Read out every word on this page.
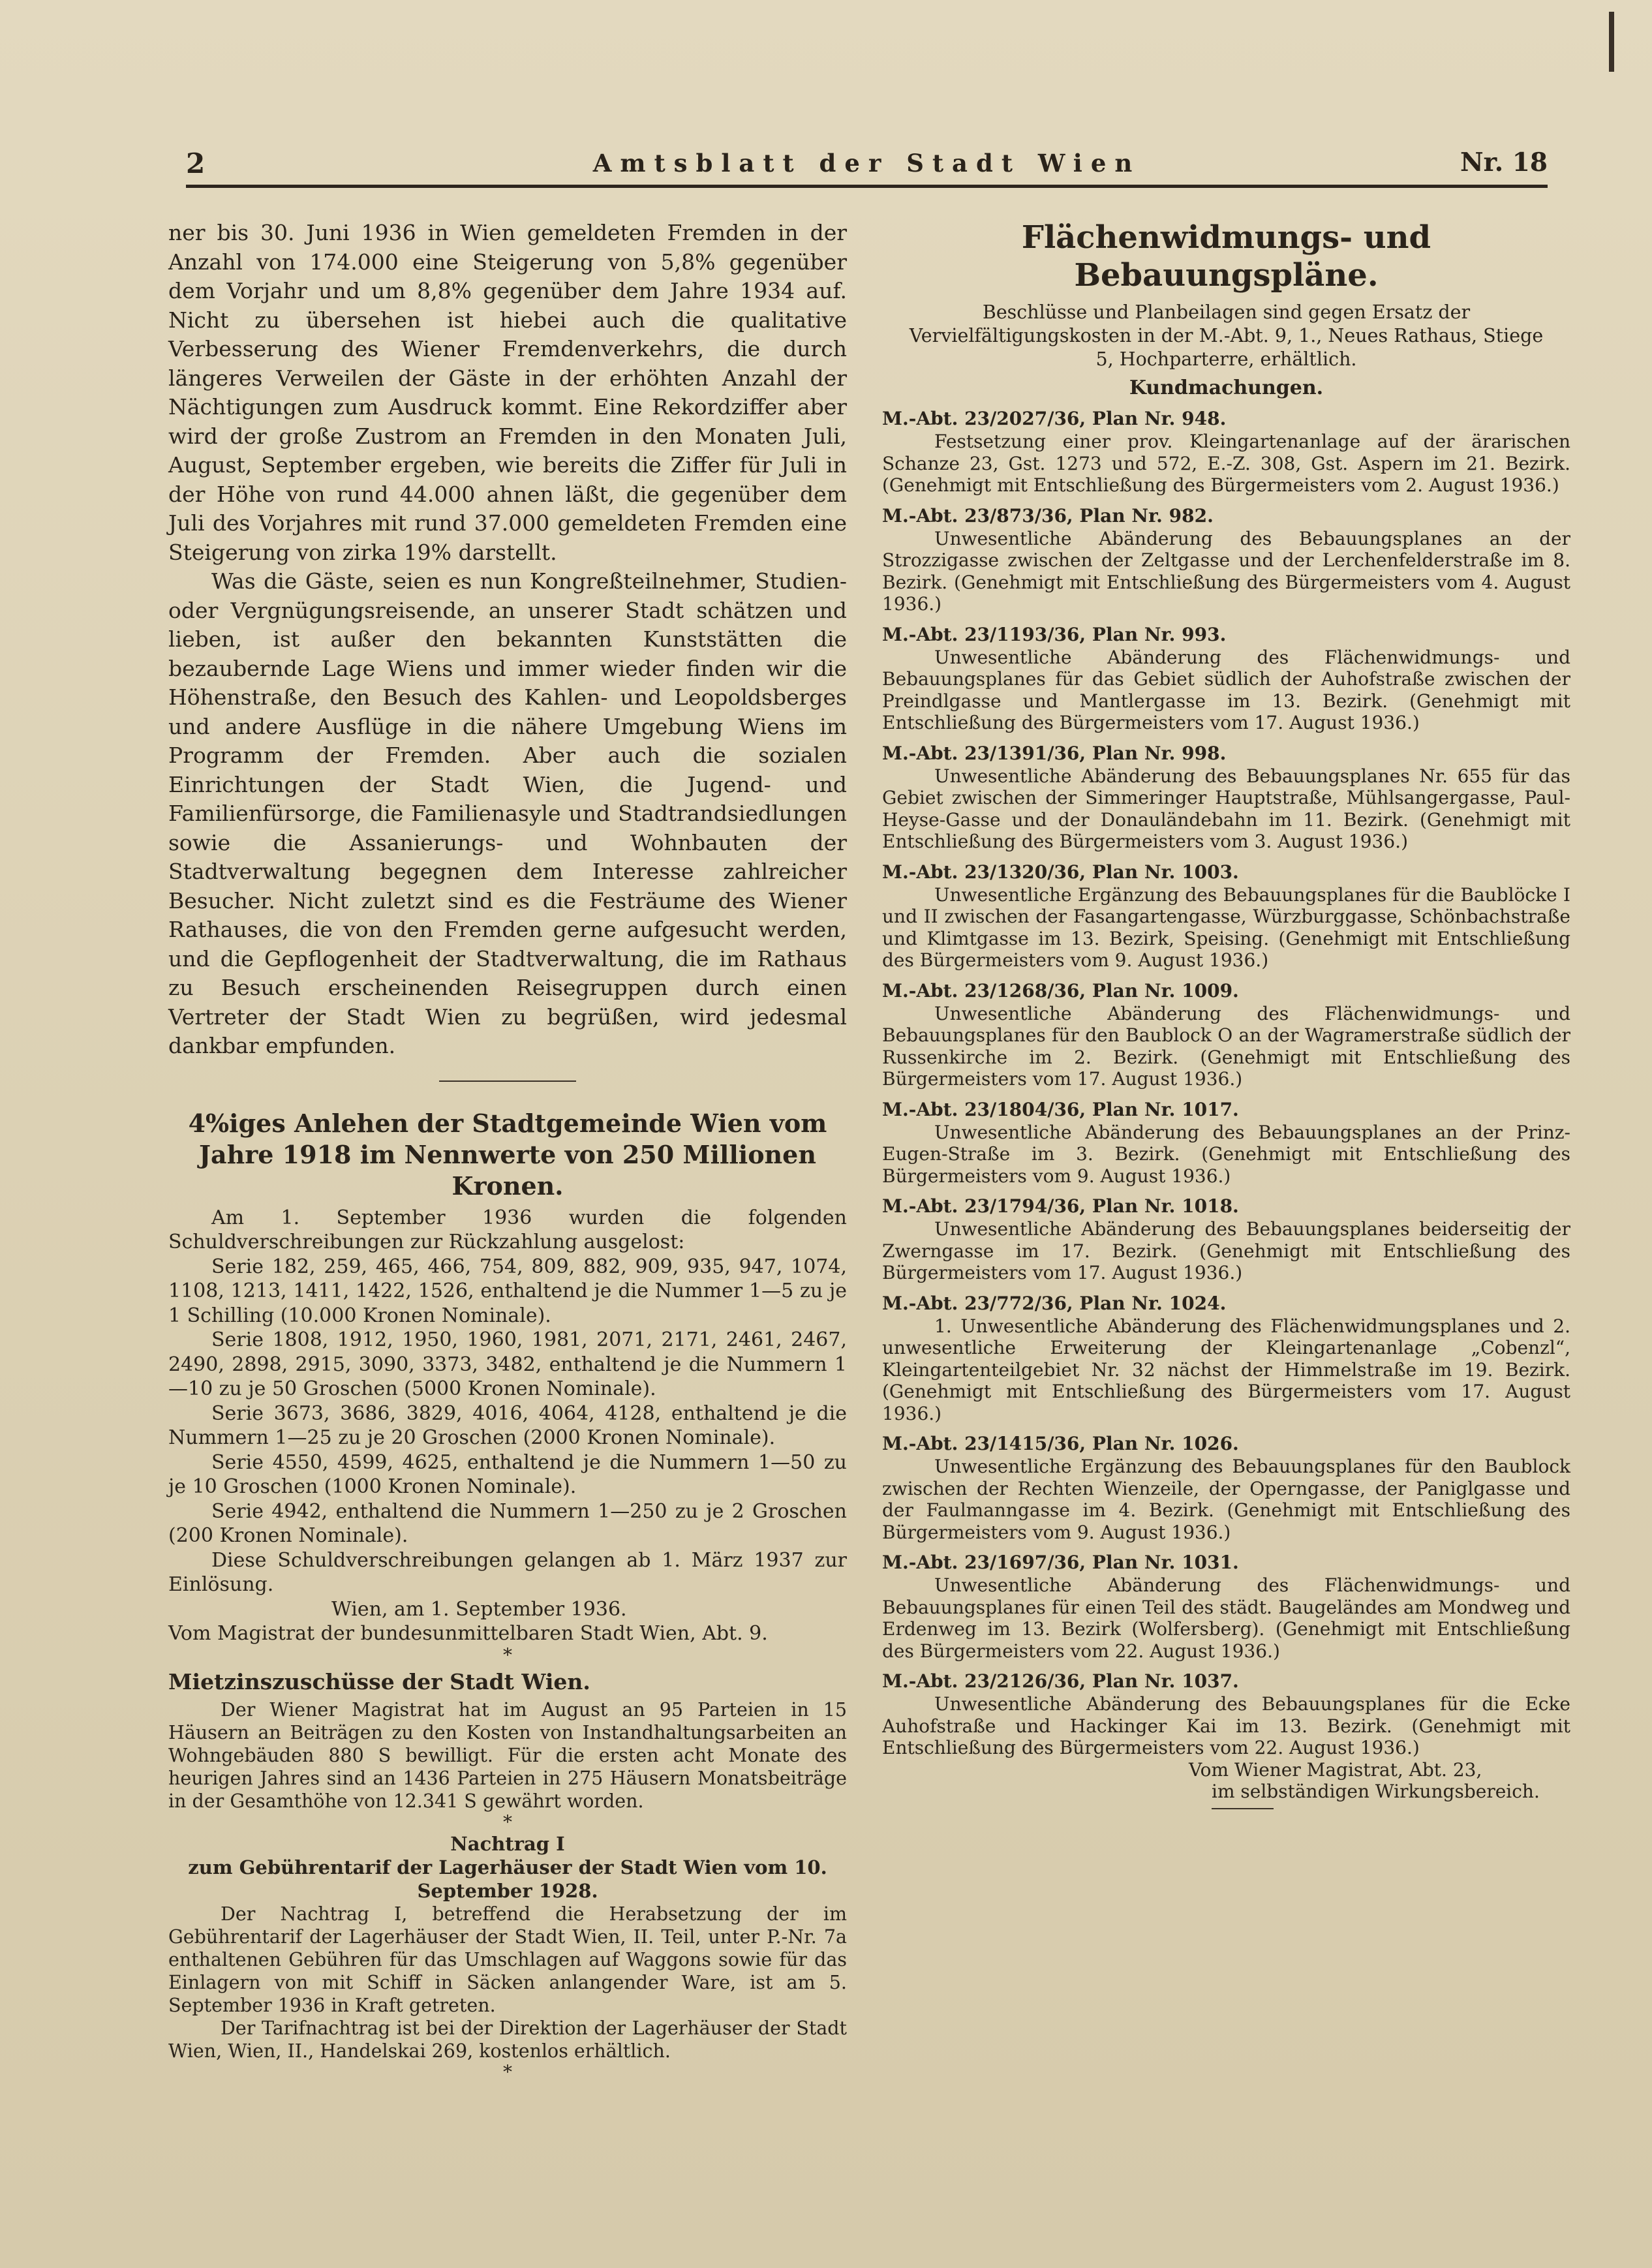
2	Amtsblatt der Stadt Wien	Nr. 18

ner bis 30. Juni 1936 in Wien gemeldeten Fremden in der Anzahl von 174.000 eine Steigerung von 5,8% gegenüber dem Vorjahr und um 8,8% gegenüber dem Jahre 1934 auf. Nicht zu übersehen ist hiebei auch die qualitative Verbesserung des Wiener Fremdenverkehrs, die durch längeres Verweilen der Gäste in der erhöhten Anzahl der Nächtigungen zum Ausdruck kommt. Eine Rekordziffer aber wird der große Zustrom an Fremden in den Monaten Juli, August, September ergeben, wie bereits die Ziffer für Juli in der Höhe von rund 44.000 ahnen läßt, die gegenüber dem Juli des Vorjahres mit rund 37.000 gemeldeten Fremden eine Steigerung von zirka 19% darstellt.

Was die Gäste, seien es nun Kongreßteilnehmer, Studien- oder Vergnügungsreisende, an unserer Stadt schätzen und lieben, ist außer den bekannten Kunststätten die bezaubernde Lage Wiens und immer wieder finden wir die Höhenstraße, den Besuch des Kahlen- und Leopoldsberges und andere Ausflüge in die nähere Umgebung Wiens im Programm der Fremden. Aber auch die sozialen Einrichtungen der Stadt Wien, die Jugend- und Familienfürsorge, die Familienasyle und Stadtrandsiedlungen sowie die Assanierungs- und Wohnbauten der Stadtverwaltung begegnen dem Interesse zahlreicher Besucher. Nicht zuletzt sind es die Festräume des Wiener Rathauses, die von den Fremden gerne aufgesucht werden, und die Gepflogenheit der Stadtverwaltung, die im Rathaus zu Besuch erscheinenden Reisegruppen durch einen Vertreter der Stadt Wien zu begrüßen, wird jedesmal dankbar empfunden.

4%iges Anlehen der Stadtgemeinde Wien vom Jahre 1918 im Nennwerte von 250 Millionen Kronen.

Am 1. September 1936 wurden die folgenden Schuldverschreibungen zur Rückzahlung ausgelost:

Serie 182, 259, 465, 466, 754, 809, 882, 909, 935, 947, 1074, 1108, 1213, 1411, 1422, 1526, enthaltend je die Nummer 1—5 zu je 1 Schilling (10.000 Kronen Nominale).

Serie 1808, 1912, 1950, 1960, 1981, 2071, 2171, 2461, 2467, 2490, 2898, 2915, 3090, 3373, 3482, enthaltend je die Nummern 1—10 zu je 50 Groschen (5000 Kronen Nominale).

Serie 3673, 3686, 3829, 4016, 4064, 4128, enthaltend je die Nummern 1—25 zu je 20 Groschen (2000 Kronen Nominale).

Serie 4550, 4599, 4625, enthaltend je die Nummern 1—50 zu je 10 Groschen (1000 Kronen Nominale).

Serie 4942, enthaltend die Nummern 1—250 zu je 2 Groschen (200 Kronen Nominale).

Diese Schuldverschreibungen gelangen ab 1. März 1937 zur Einlösung.

Wien, am 1. September 1936.

Vom Magistrat der bundesunmittelbaren Stadt Wien, Abt. 9.

*

Mietzinszuschüsse der Stadt Wien.

Der Wiener Magistrat hat im August an 95 Parteien in 15 Häusern an Beiträgen zu den Kosten von Instandhaltungsarbeiten an Wohngebäuden 880 S bewilligt. Für die ersten acht Monate des heurigen Jahres sind an 1436 Parteien in 275 Häusern Monatsbeiträge in der Gesamthöhe von 12.341 S gewährt worden.

*

Nachtrag I

zum Gebührentarif der Lagerhäuser der Stadt Wien vom 10. September 1928.

Der Nachtrag I, betreffend die Herabsetzung der im Gebührentarif der Lagerhäuser der Stadt Wien, II. Teil, unter P.-Nr. 7a enthaltenen Gebühren für das Umschlagen auf Waggons sowie für das Einlagern von mit Schiff in Säcken anlangender Ware, ist am 5. September 1936 in Kraft getreten.

Der Tarifnachtrag ist bei der Direktion der Lagerhäuser der Stadt Wien, Wien, II., Handelskai 269, kostenlos erhältlich.

*

Flächenwidmungs- und Bebauungspläne.

Beschlüsse und Planbeilagen sind gegen Ersatz der Vervielfältigungskosten in der M.-Abt. 9, 1., Neues Rathaus, Stiege 5, Hochparterre, erhältlich.

Kundmachungen.

M.-Abt. 23/2027/36, Plan Nr. 948.

Festsetzung einer prov. Kleingartenanlage auf der ärarischen Schanze 23, Gst. 1273 und 572, E.-Z. 308, Gst. Aspern im 21. Bezirk. (Genehmigt mit Entschließung des Bürgermeisters vom 2. August 1936.)

M.-Abt. 23/873/36, Plan Nr. 982.

Unwesentliche Abänderung des Bebauungsplanes an der Strozzigasse zwischen der Zeltgasse und der Lerchenfelderstraße im 8. Bezirk. (Genehmigt mit Entschließung des Bürgermeisters vom 4. August 1936.)

M.-Abt. 23/1193/36, Plan Nr. 993.

Unwesentliche Abänderung des Flächenwidmungs- und Bebauungsplanes für das Gebiet südlich der Auhofstraße zwischen der Preindlgasse und Mantlergasse im 13. Bezirk. (Genehmigt mit Entschließung des Bürgermeisters vom 17. August 1936.)

M.-Abt. 23/1391/36, Plan Nr. 998.

Unwesentliche Abänderung des Bebauungsplanes Nr. 655 für das Gebiet zwischen der Simmeringer Hauptstraße, Mühlsangergasse, Paul-Heyse-Gasse und der Donauländebahn im 11. Bezirk. (Genehmigt mit Entschließung des Bürgermeisters vom 3. August 1936.)

M.-Abt. 23/1320/36, Plan Nr. 1003.

Unwesentliche Ergänzung des Bebauungsplanes für die Baublöcke I und II zwischen der Fasangartengasse, Würzburggasse, Schönbachstraße und Klimtgasse im 13. Bezirk, Speising. (Genehmigt mit Entschließung des Bürgermeisters vom 9. August 1936.)

M.-Abt. 23/1268/36, Plan Nr. 1009.

Unwesentliche Abänderung des Flächenwidmungs- und Bebauungsplanes für den Baublock O an der Wagramerstraße südlich der Russenkirche im 2. Bezirk. (Genehmigt mit Entschließung des Bürgermeisters vom 17. August 1936.)

M.-Abt. 23/1804/36, Plan Nr. 1017.

Unwesentliche Abänderung des Bebauungsplanes an der Prinz-Eugen-Straße im 3. Bezirk. (Genehmigt mit Entschließung des Bürgermeisters vom 9. August 1936.)

M.-Abt. 23/1794/36, Plan Nr. 1018.

Unwesentliche Abänderung des Bebauungsplanes beiderseitig der Zwerngasse im 17. Bezirk. (Genehmigt mit Entschließung des Bürgermeisters vom 17. August 1936.)

M.-Abt. 23/772/36, Plan Nr. 1024.

1. Unwesentliche Abänderung des Flächenwidmungsplanes und 2. unwesentliche Erweiterung der Kleingartenanlage „Cobenzl“, Kleingartenteilgebiet Nr. 32 nächst der Himmelstraße im 19. Bezirk. (Genehmigt mit Entschließung des Bürgermeisters vom 17. August 1936.)

M.-Abt. 23/1415/36, Plan Nr. 1026.

Unwesentliche Ergänzung des Bebauungsplanes für den Baublock zwischen der Rechten Wienzeile, der Operngasse, der Paniglgasse und der Faulmanngasse im 4. Bezirk. (Genehmigt mit Entschließung des Bürgermeisters vom 9. August 1936.)

M.-Abt. 23/1697/36, Plan Nr. 1031.

Unwesentliche Abänderung des Flächenwidmungs- und Bebauungsplanes für einen Teil des städt. Baugeländes am Mondweg und Erdenweg im 13. Bezirk (Wolfersberg). (Genehmigt mit Entschließung des Bürgermeisters vom 22. August 1936.)

M.-Abt. 23/2126/36, Plan Nr. 1037.

Unwesentliche Abänderung des Bebauungsplanes für die Ecke Auhofstraße und Hackinger Kai im 13. Bezirk. (Genehmigt mit Entschließung des Bürgermeisters vom 22. August 1936.)

Vom Wiener Magistrat, Abt. 23,

im selbständigen Wirkungsbereich.
